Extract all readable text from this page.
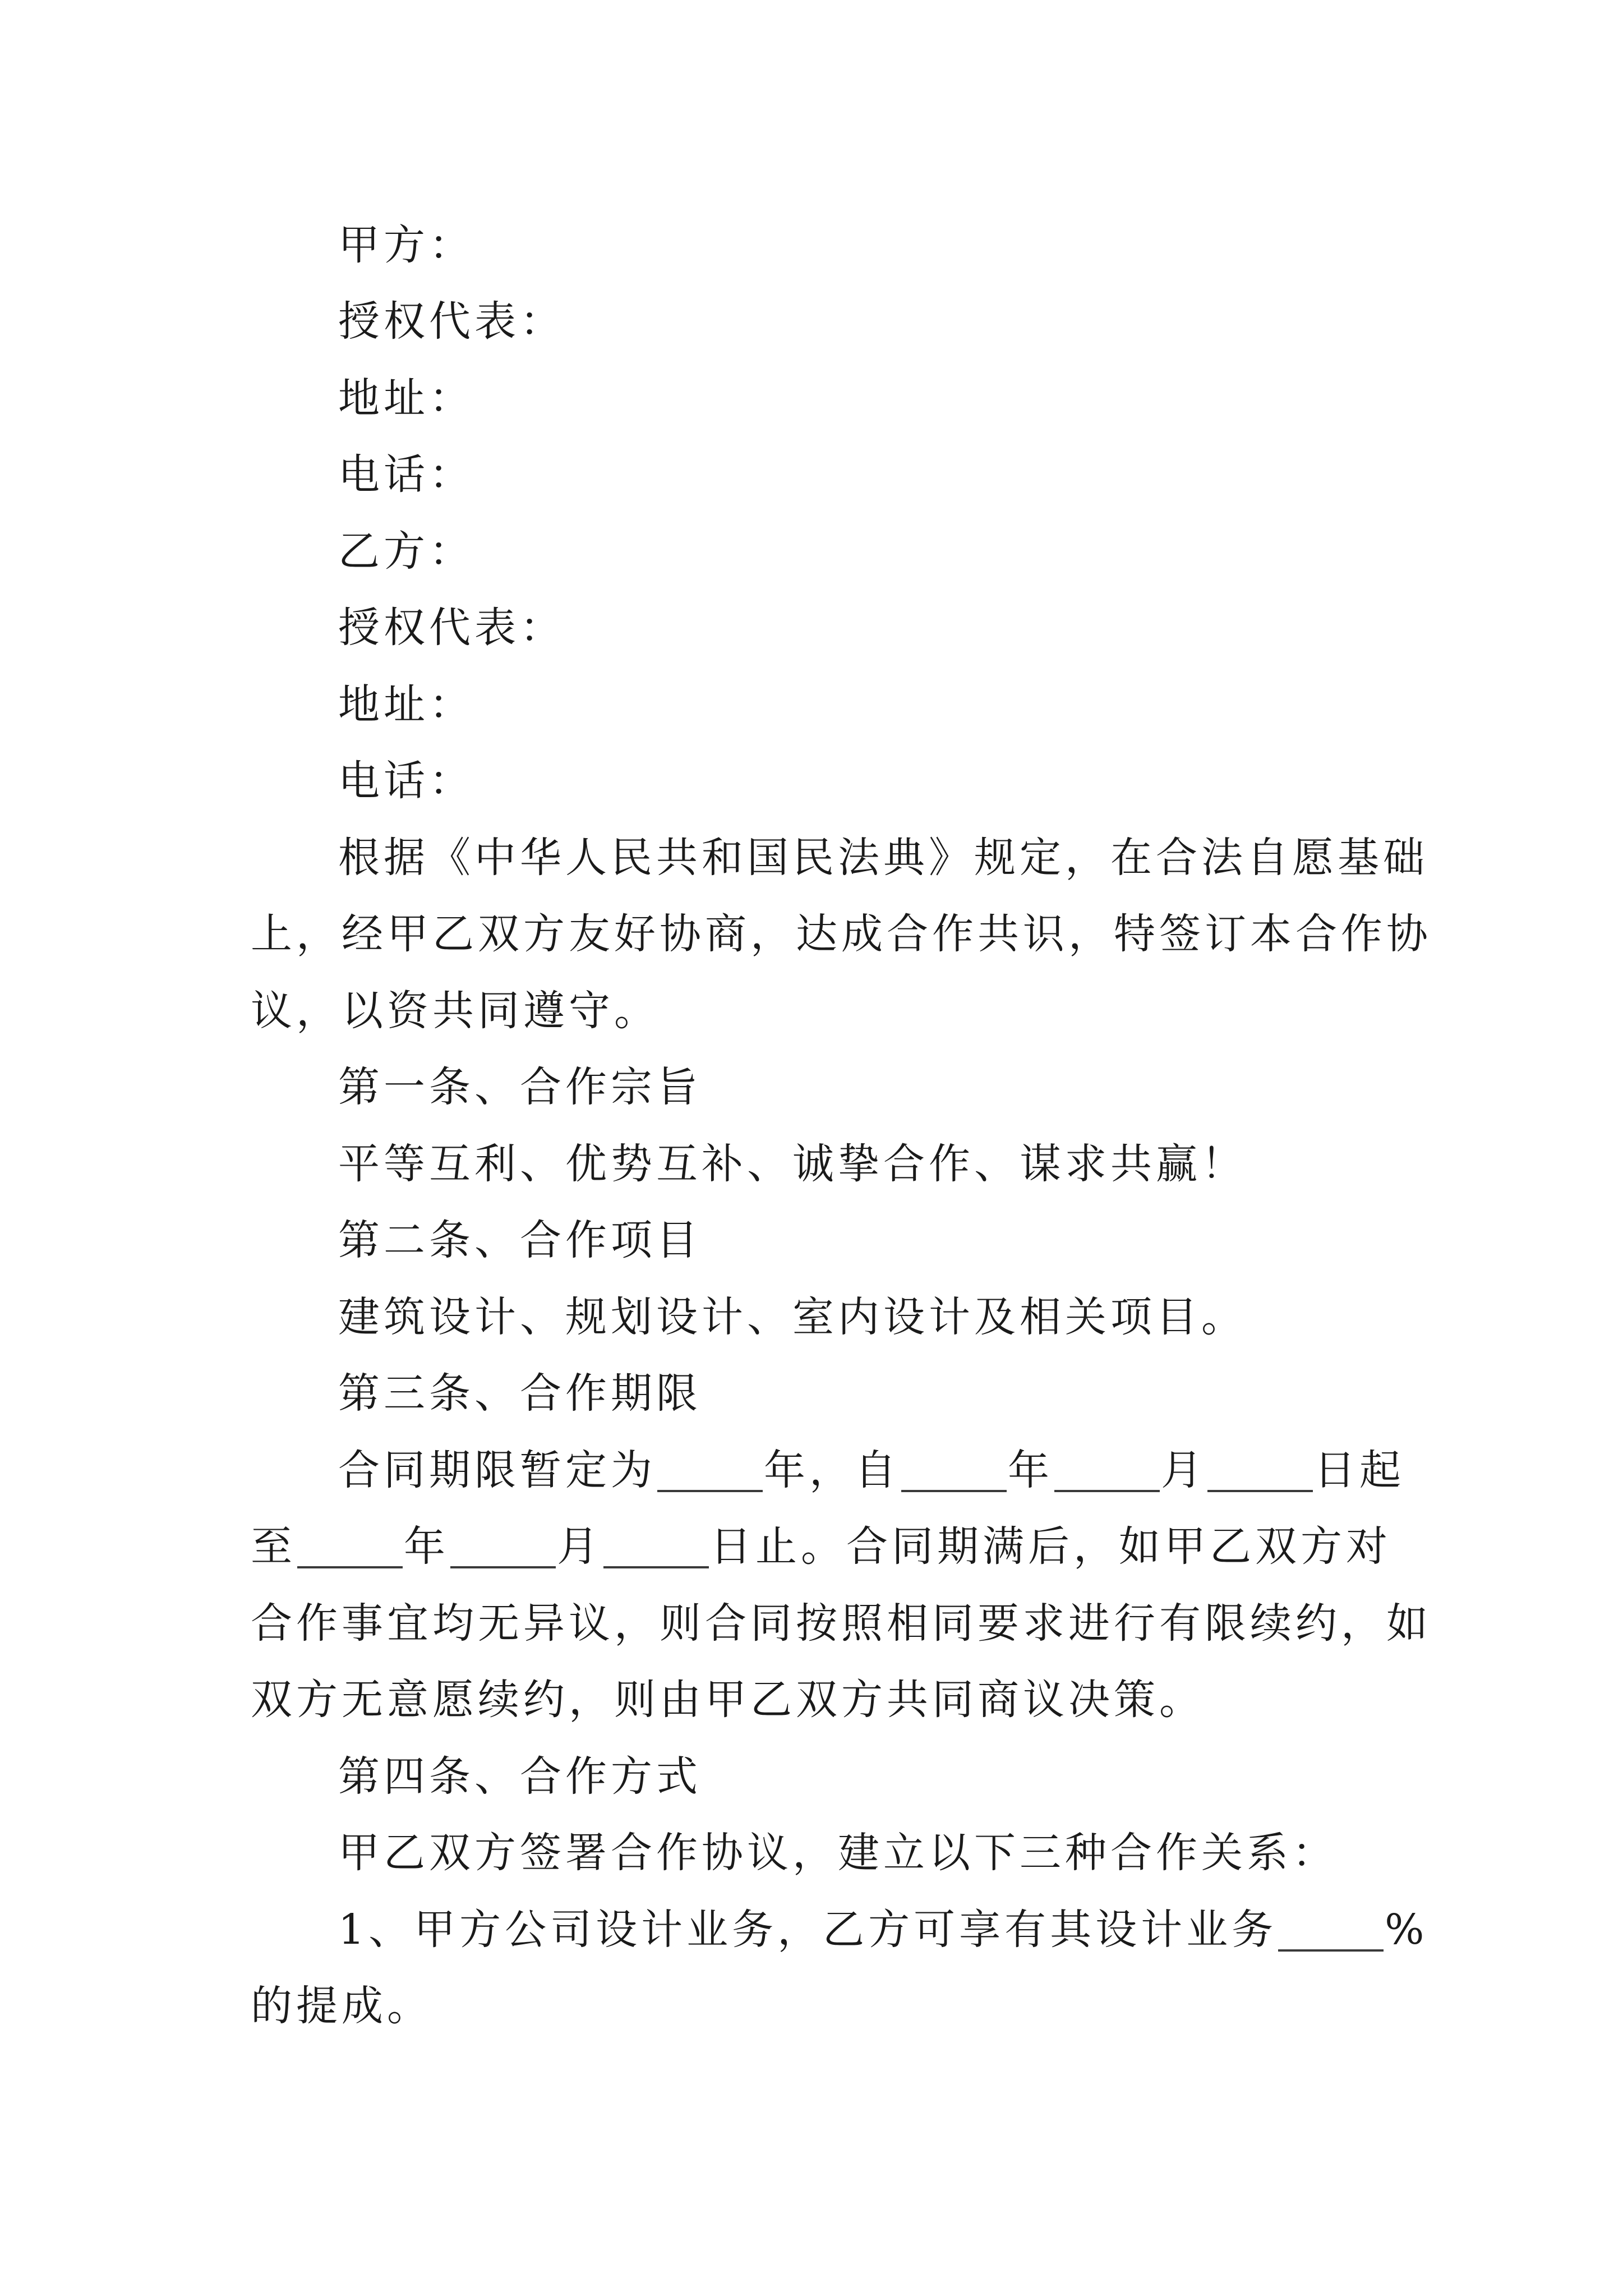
甲方：
授权代表：
地址：
电话：
乙方：
授权代表：
地址：
电话：
根据《中华人民共和国民法典》规定，在合法自愿基础
上，经甲乙双方友好协商，达成合作共识，特签订本合作协
议，以资共同遵守。
第一条、合作宗旨
平等互利、优势互补、诚挚合作、谋求共赢！
第二条、合作项目
建筑设计、规划设计、室内设计及相关项目。
第三条、合作期限
合同期限暂定为	年，自	年	月	日起
至	年	月	日止。合同期满后，如甲乙双方对
合作事宜均无异议，则合同按照相同要求进行有限续约，如
双方无意愿续约，则由甲乙双方共同商议决策。
第四条、合作方式
甲乙双方签署合作协议，建立以下三种合作关系：
1、甲方公司设计业务，乙方可享有其设计业务	%
的提成。
